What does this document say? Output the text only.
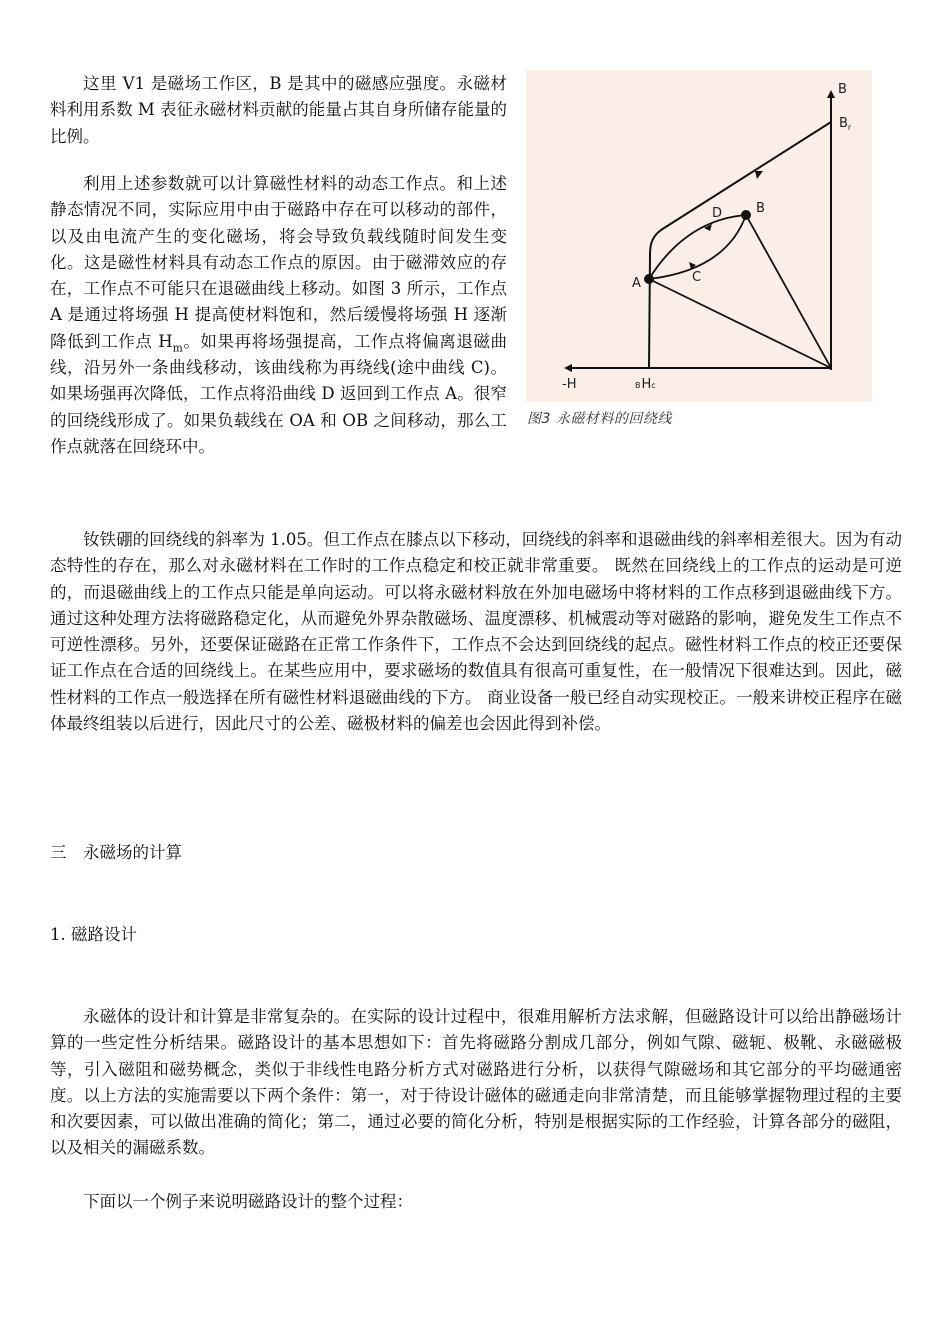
这里 V1 是磁场工作区，B 是其中的磁感应强度。永磁材料利用系数 M 表征永磁材料贡献的能量占其自身所储存能量的比例。

利用上述参数就可以计算磁性材料的动态工作点。和上述静态情况不同，实际应用中由于磁路中存在可以移动的部件，以及由电流产生的变化磁场，将会导致负载线随时间发生变化。这是磁性材料具有动态工作点的原因。由于磁滞效应的存在，工作点不可能只在退磁曲线上移动。如图 3 所示，工作点 A 是通过将场强 H 提高使材料饱和，然后缓慢将场强 H 逐渐降低到工作点 $H_m$。如果再将场强提高，工作点将偏离退磁曲线，沿另外一条曲线移动，该曲线称为再绕线(途中曲线 C)。如果场强再次降低，工作点将沿曲线 D 返回到工作点 A。很窄的回绕线形成了。如果负载线在 OA 和 OB 之间移动，那么工作点就落在回绕环中。

B
$B_r$
B
D
A	C
-H	BHc
图3 永磁材料的回绕线

钕铁硼的回绕线的斜率为 1.05。但工作点在膝点以下移动，回绕线的斜率和退磁曲线的斜率相差很大。因为有动态特性的存在，那么对永磁材料在工作时的工作点稳定和校正就非常重要。 既然在回绕线上的工作点的运动是可逆的，而退磁曲线上的工作点只能是单向运动。可以将永磁材料放在外加电磁场中将材料的工作点移到退磁曲线下方。通过这种处理方法将磁路稳定化，从而避免外界杂散磁场、温度漂移、机械震动等对磁路的影响，避免发生工作点不可逆性漂移。另外，还要保证磁路在正常工作条件下，工作点不会达到回绕线的起点。磁性材料工作点的校正还要保证工作点在合适的回绕线上。在某些应用中，要求磁场的数值具有很高可重复性，在一般情况下很难达到。因此，磁性材料的工作点一般选择在所有磁性材料退磁曲线的下方。 商业设备一般已经自动实现校正。一般来讲校正程序在磁体最终组装以后进行，因此尺寸的公差、磁极材料的偏差也会因此得到补偿。

三　永磁场的计算

1. 磁路设计

永磁体的设计和计算是非常复杂的。在实际的设计过程中，很难用解析方法求解，但磁路设计可以给出静磁场计算的一些定性分析结果。磁路设计的基本思想如下：首先将磁路分割成几部分，例如气隙、磁轭、极靴、永磁磁极等，引入磁阻和磁势概念，类似于非线性电路分析方式对磁路进行分析，以获得气隙磁场和其它部分的平均磁通密度。以上方法的实施需要以下两个条件：第一，对于待设计磁体的磁通走向非常清楚，而且能够掌握物理过程的主要和次要因素，可以做出准确的简化；第二，通过必要的简化分析，特别是根据实际的工作经验，计算各部分的磁阻，以及相关的漏磁系数。

下面以一个例子来说明磁路设计的整个过程：
